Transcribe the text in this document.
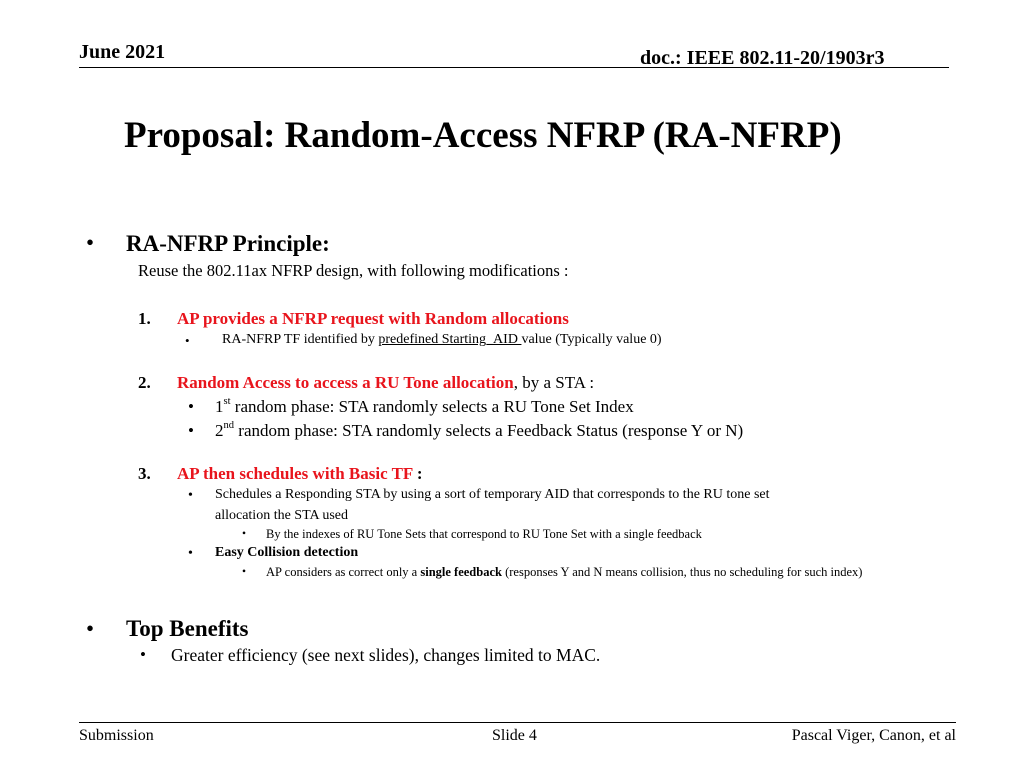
June 2021	doc.: IEEE 802.11-20/1903r3
Proposal: Random-Access NFRP (RA-NFRP)
• RA-NFRP Principle:
Reuse the 802.11ax NFRP design, with following modifications :
1. AP provides a NFRP request with Random allocations
• RA-NFRP TF identified by predefined Starting_AID value (Typically value 0)
2. Random Access to access a RU Tone allocation, by a STA :
• 1st random phase: STA randomly selects a RU Tone Set Index
• 2nd random phase: STA randomly selects a Feedback Status (response Y or N)
3. AP then schedules with Basic TF :
• Schedules a Responding STA by using a sort of temporary AID that corresponds to the RU tone set
allocation the STA used
• By the indexes of RU Tone Sets that correspond to RU Tone Set with a single feedback
• Easy Collision detection
• AP considers as correct only a single feedback (responses Y and N means collision, thus no scheduling for such index)
• Top Benefits
• Greater efficiency (see next slides), changes limited to MAC.
Submission	Slide 4	Pascal Viger, Canon, et al
